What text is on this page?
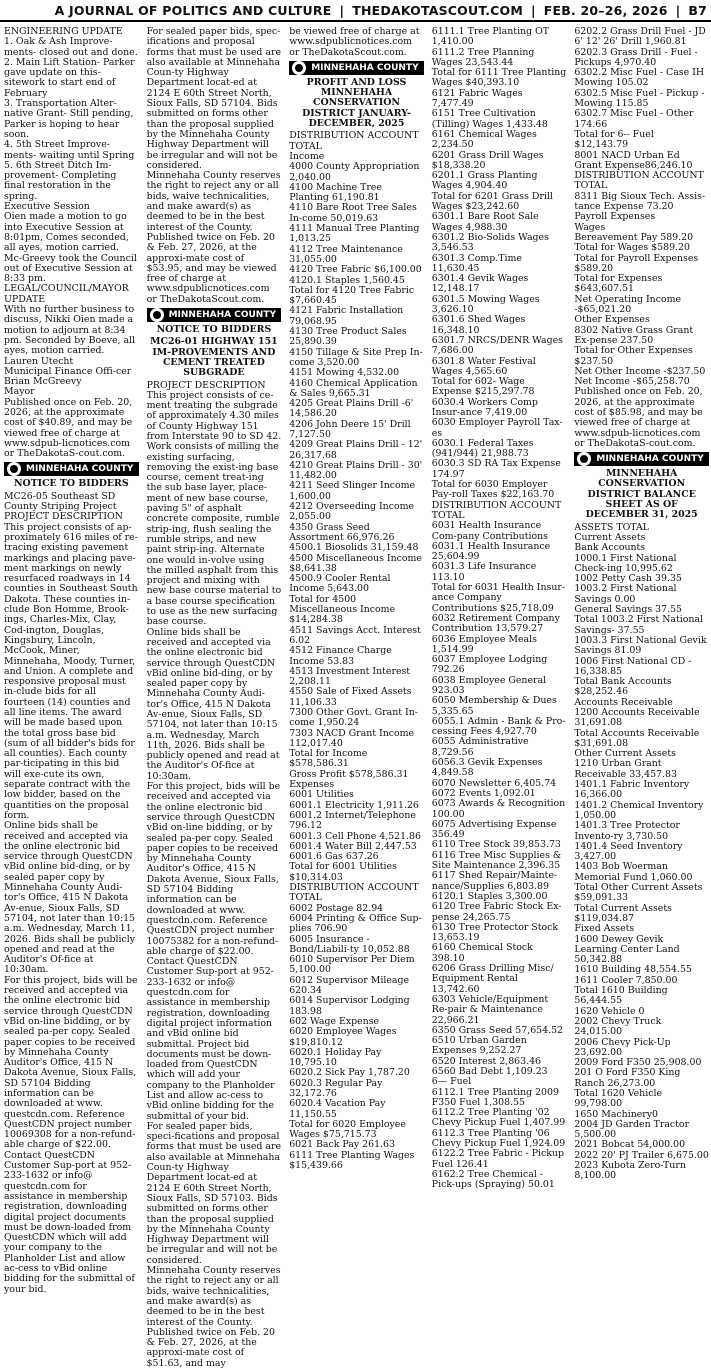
A JOURNAL OF POLITICS AND CULTURE | THEDAKOTASCOUT.COM | FEB. 20–26, 2026 | B7

ENGINEERING UPDATE
1. Oak & Ash Improve-ments- closed out and done.
2. Main Lift Station- Parker gave update on this- sitework to start end of February
3. Transportation Alter-native Grant- Still pending, Parker is hoping to hear soon.
4. 5th Street Improve-ments- waiting until Spring
5. 6th Street Ditch Im-provement- Completing final restoration in the spring.
Executive Session
Oien made a motion to go into Executive Session at 8:01pm, Comes seconded, all ayes, motion carried. Mc-Greevy took the Council out of Executive Session at 8:33 pm.
LEGAL/COUNCIL/MAYOR UPDATE
With no further business to discuss, Nikki Oien made a motion to adjourn at 8:34 pm. Seconded by Boeve, all ayes, motion carried.
Lauren Utecht
Municipal Finance Offi-cer
Brian McGreevy
Mayor
Published once on Feb. 20, 2026, at the approximate cost of $40.89, and may be viewed free of charge at www.sdpub-licnotices.com or TheDakotaS-cout.com.

MINNEHAHA COUNTY
NOTICE TO BIDDERS

MC26-05 Southeast SD County Striping Project
PROJECT DESCRIPTION
This project consists of ap-proximately 616 miles of re-tracing existing pavement markings and placing pave-ment markings on newly resurfaced roadways in 14 counties in Southeast South Dakota. These counties in-clude Bon Homme, Brook-ings, Charles-Mix, Clay, Cod-ington, Douglas, Kingsbury, Lincoln, McCook, Miner, Minnehaha, Moody, Turner, and Union. A complete and responsive proposal must in-clude bids for all fourteen (14) counties and all line items. The award will be made based upon the total gross base bid (sum of all bidder's bids for all counties). Each county par-ticipating in this bid will exe-cute its own, separate contract with the low bidder, based on the quantities on the proposal form.
Online bids shall be received and accepted via the online electronic bid service through QuestCDN vBid online bid-ding, or by sealed paper copy by Minnehaha County Audi-tor's Office, 415 N Dakota Av-enue, Sioux Falls, SD 57104, not later than 10:15 a.m. Wednesday, March 11, 2026. Bids shall be publicly opened and read at the Auditor's Of-fice at 10:30am.
For this project, bids will be received and accepted via the online electronic bid service through QuestCDN vBid on-line bidding, or by sealed pa-per copy. Sealed paper copies to be received by Minnehaha County Auditor's Office, 415 N Dakota Avenue, Sioux Falls, SD 57104 Bidding information can be downloaded at www. questcdn.com. Reference QuestCDN project number 10069308 for a non-refund-able charge of $22.00. Contact QuestCDN Customer Sup-port at 952-233-1632 or info@ questcdn.com for assistance in membership registration, downloading digital project documents must be down-loaded from QuestCDN which will add your company to the Planholder List and allow ac-cess to vBid online bidding for the submittal of your bid.

For sealed paper bids, spec-ifications and proposal forms that must be used are also available at Minnehaha Coun-ty Highway Department locat-ed at 2124 E 60th Street North, Sioux Falls, SD 57104. Bids submitted on forms other than the proposal supplied by the Minnehaha County Highway Department will be irregular and will not be considered.
Minnehaha County reserves the right to reject any or all bids, waive technicalities, and make award(s) as deemed to be in the best interest of the County.
Published twice on Feb. 20 & Feb. 27, 2026, at the approxi-mate cost of $53.95, and may be viewed free of charge at www.sdpublicnotices.com or TheDakotaScout.com.

MINNEHAHA COUNTY
NOTICE TO BIDDERS
MC26-01 HIGHWAY 151 IM-PROVEMENTS AND CEMENT TREATED SUBGRADE

PROJECT DESCRIPTION
This project consists of ce-ment treating the subgrade of approximately 4.30 miles of County Highway 151 from Interstate 90 to SD 42. Work consists of milling the existing surfacing, removing the exist-ing base course, cement treat-ing the sub base layer, place-ment of new base course, paving 5" of asphalt concrete composite, rumble strip-ing, flush sealing the rumble strips, and new paint strip-ing. Alternate one would in-volve using the milled asphalt from this project and mixing with new base course material to a base course specification to use as the new surfacing base course.
Online bids shall be received and accepted via the online electronic bid service through QuestCDN vBid online bid-ding, or by sealed paper copy by Minnehaha County Audi-tor's Office, 415 N Dakota Av-enue, Sioux Falls, SD 57104, not later than 10:15 a.m. Wednesday, March 11th, 2026. Bids shall be publicly opened and read at the Auditor's Of-fice at 10:30am.
For this project, bids will be received and accepted via the online electronic bid service through QuestCDN vBid on-line bidding, or by sealed pa-per copy. Sealed paper copies to be received by Minnehaha County Auditor's Office, 415 N Dakota Avenue, Sioux Falls, SD 57104 Bidding information can be downloaded at www. questcdn.com. Reference QuestCDN project number 10075382 for a non-refund-able charge of $22.00. Contact QuestCDN Customer Sup-port at 952-233-1632 or info@ questcdn.com for assistance in membership registration, downloading digital project information and vBid online bid submittal. Project bid documents must be down-loaded from QuestCDN which will add your company to the Planholder List and allow ac-cess to vBid online bidding for the submittal of your bid.
For sealed paper bids, speci-fications and proposal forms that must be used are also available at Minnehaha Coun-ty Highway Department locat-ed at 2124 E 60th Street North, Sioux Falls, SD 57103. Bids submitted on forms other than the proposal supplied by the Minnehaha County Highway Department will be irregular and will not be considered.
Minnehaha County reserves the right to reject any or all bids, waive technicalities, and make award(s) as deemed to be in the best interest of the County.
Published twice on Feb. 20 & Feb. 27, 2026, at the approxi-mate cost of $51.63, and may

be viewed free of charge at www.sdpublicnotices.com or TheDakotaScout.com.

MINNEHAHA COUNTY
PROFIT AND LOSS MINNEHAHA CONSERVATION DISTRICT JANUARY-DECEMBER, 2025

DISTRIBUTION ACCOUNT TOTAL
Income
4000 County Appropriation 2,040.00
4100 Machine Tree Planting 61,190.81
4110 Bare Root Tree Sales In-come 50,019.63
4111 Manual Tree Planting 1,013.25
4112 Tree Maintenance 31,055.00
4120 Tree Fabric $6,100.00
4120.1 Staples 1,560.45
Total for 4120 Tree Fabric $7,660.45
4121 Fabric Installation 79,068.95
4130 Tree Product Sales 25,890.39
4150 Tillage & Site Prep In-come 3,520.00
4151 Mowing 4,532.00
4160 Chemical Application & Sales 9,665.31
4205 Great Plains Drill -6' 14,586.20
4206 John Deere 15' Drill 7,127.50
4209 Great Plains Drill - 12' 26,317.68
4210 Great Plains Drill - 30' 11,482.00
4211 Seed Slinger Income 1,600.00
4212 Overseeding Income 2,055.00
4350 Grass Seed Assortment 66,976.26
4500.1 Biosolids 31,159.48
4500 Miscellaneous Income $8,641.38
4500.9 Cooler Rental Income 5,643.00
Total for 4500 Miscellaneous Income $14,284.38
4511 Savings Acct. Interest 6.02
4512 Finance Charge Income 53.83
4513 Investment Interest 2,208.11
4550 Sale of Fixed Assets 11,106.33
7300 Other Govt. Grant In-come 1,950.24
7303 NACD Grant Income 112,017.40
Total for Income $578,586.31
Gross Profit $578,586.31
Expenses
6001 Utilities
6001.1 Electricity 1,911.26
6001.2 Internet/Telephone 796.12
6001.3 Cell Phone 4,521.86
6001.4 Water Bill 2,447.53
6001.6 Gas 637.26
Total for 6001 Utilities $10,314.03
DISTRIBUTION ACCOUNT TOTAL
6002 Postage 82.94
6004 Printing & Office Sup-plies 706.90
6005 Insurance - Bond/Liabili-ty 10,052.88
6010 Supervisor Per Diem 5,100.00
6012 Supervisor Mileage 620.34
6014 Supervisor Lodging 183.98
602 Wage Expense
6020 Employee Wages $19,810.12
6020.1 Holiday Pay 10,795.10
6020.2 Sick Pay 1,787.20
6020.3 Regular Pay 32,172.76
6020.4 Vacation Pay 11,150.55
Total for 6020 Employee Wages $75,715.73
6021 Back Pay 261.63
6111 Tree Planting Wages $15,439.66

6111.1 Tree Planting OT 1,410.00
6111.2 Tree Planning Wages 23,543.44
Total for 6111 Tree Planting Wages $40,393.10
6121 Fabric Wages 7,477.49
6151 Tree Cultivation (Tilling) Wages 1,433.48
6161 Chemical Wages 2,234.50
6201 Grass Drill Wages $18,338.20
6201.1 Grass Planting Wages 4,904.40
Total for 6201 Grass Drill Wages $23,242.60
6301.1 Bare Root Sale Wages 4,988.30
6301.2 Bio-Solids Wages 3,546.53
6301.3 Comp.Time 11,630.45
6301.4 Gevik Wages 12,148.17
6301.5 Mowing Wages 3,626.10
6301.6 Shed Wages 16,348.10
6301.7 NRCS/DENR Wages 7,686.00
6301.8 Water Festival Wages 4,565.60
Total for 602- Wage Expense $215,297.78
6030.4 Workers Comp Insur-ance 7,419.00
6030 Employer Payroll Tax-es
6030.1 Federal Taxes (941/944) 21,988.73
6030.3 SD RA Tax Expense 174.97
Total for 6030 Employer Pay-roll Taxes $22,163.70
DISTRIBUTION ACCOUNT TOTAL
6031 Health Insurance Com-pany Contributions 6031.1 Health Insurance 25,604.99
6031.3 Life Insurance 113.10
Total for 6031 Health Insur-ance Company Contributions $25,718.09
6032 Retirement Company Contribution 13,579.27
6036 Employee Meals 1,514.99
6037 Employee Lodging 792.26
6038 Employee General 923.03
6050 Membership & Dues 5,335.65
6055.1 Admin - Bank & Pro-cessing Fees 4,927.70
6055 Administrative 8,729.56
6056.3 Gevik Expenses 4,849.58
6070 Newsletter 6,405.74
6072 Events 1,092.01
6073 Awards & Recognition 100.00
6075 Advertising Expense 356.49
6110 Tree Stock 39,853.73
6116 Tree Misc Supplies & Site Maintenance 2,396.35
6117 Shed Repair/Mainte-nance/Supplies 6,803.89
6120.1 Staples 3,300.00
6120 Tree Fabric Stock Ex-pense 24,265.75
6130 Tree Protector Stock 13,653.19
6160 Chemical Stock 398.10
6206 Grass Drilling Misc/ Equipment Rental 13,742.60
6303 Vehicle/Equipment Re-pair & Maintenance 22,966.21
6350 Grass Seed 57,654.52
6510 Urban Garden Expenses 9,252.27
6520 Interest 2,863.46
6560 Bad Debt 1,109.23
6— Fuel
6112.1 Tree Planting 2009 F350 Fuel 1,308.55
6112.2 Tree Planting '02 Chevy Pickup Fuel 1,407.99
6112.3 Tree Planting '06 Chevy Pickup Fuel 1,924.09
6122.2 Tree Fabric - Pickup Fuel 126.41
6162.2 Tree Chemical - Pick-ups (Spraying) 50.01

6202.2 Grass Drill Fuel - JD 6' 12' 26' Drill 1,960.81
6202.3 Grass Drill - Fuel - Pickups 4,970.40
6302.2 Misc Fuel - Case IH Mowing 105.02
6302.5 Misc Fuel - Pickup - Mowing 115.85
6302.7 Misc Fuel - Other 174.66
Total for 6-- Fuel $12,143.79
8001 NACD Urban Ed Grant Expense86,246.10
DISTRIBUTION ACCOUNT TOTAL
8311 Big Sioux Tech. Assis-tance Expense 73.20
Payroll Expenses
Wages
Bereavement Pay 589.20
Total for Wages $589.20
Total for Payroll Expenses $589.20
Total for Expenses $643,607.51
Net Operating Income -$65,021.20
Other Expenses
8302 Native Grass Grant Ex-pense 237.50
Total for Other Expenses $237.50
Net Other Income -$237.50
Net Income -$65,258.70
Published once on Feb. 20, 2026, at the approximate cost of $85.98, and may be viewed free of charge at www.sdpub-licnotices.com or TheDakotaS-cout.com.

MINNEHAHA COUNTY
MINNEHAHA CONSERVATION DISTRICT BALANCE SHEET AS OF DECEMBER 31, 2025

ASSETS TOTAL
Current Assets
Bank Accounts
1000.1 First National Check-ing 10,995.62
1002 Petty Cash 39.35
1003.2 First National Savings 0.00
General Savings 37.55
Total 1003.2 First National Savings- 37.55
1003.3 First National Gevik Savings 81.09
1006 First National CD - 16,338.85
Total Bank Accounts $28,252.46
Accounts Receivable
1200 Accounts Receivable 31,691.08
Total Accounts Receivable $31,691.08
Other Current Assets
1210 Urban Grant Receivable 33,457.83
1401.1 Fabric Inventory 16,366.00
1401.2 Chemical Inventory 1,050.00
1401.3 Tree Protector Invento-ry 3,730.50
1401.4 Seed Inventory 3,427.00
1403 Bob Woerman Memorial Fund 1,060.00
Total Other Current Assets $59,091.33
Total Current Assets $119,034.87
Fixed Assets
1600 Dewey Gevik Learning Center Land 50,342.88
1610 Building 48,554.55
1611 Cooler 7,850.00
Total 1610 Building 56,444.55
1620 Vehicle 0
2002 Chevy Truck 24,015.00
2006 Chevy Pick-Up 23,692.00
2009 Ford F350 25,908.00
201 O Ford F350 King Ranch 26,273.00
Total 1620 Vehicle 99,798.00
1650 Machinery0
2004 JD Garden Tractor 5,500.00
2021 Bobcat 54,000.00
2022 20' PJ Trailer 6,675.00
2023 Kubota Zero-Turn 8,100.00
